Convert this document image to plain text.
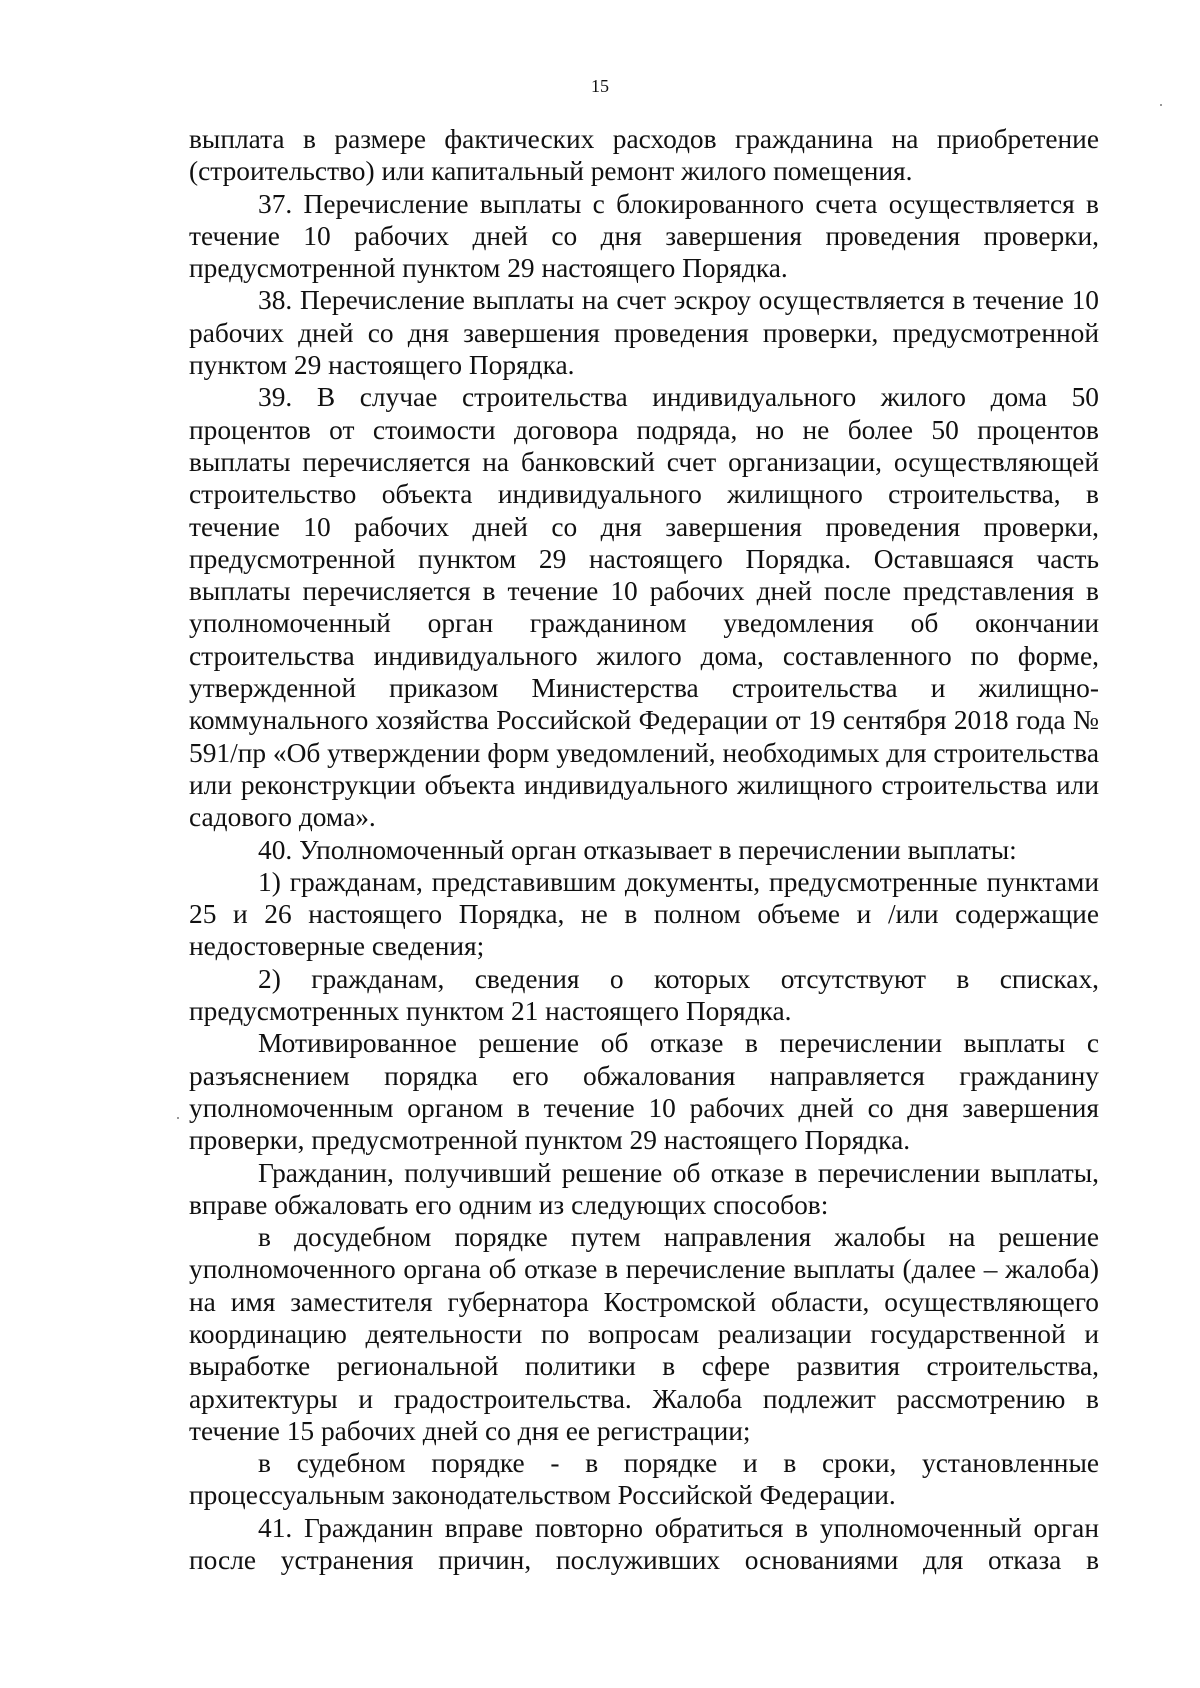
15

выплата в размере фактических расходов гражданина на приобретение (строительство) или капитальный ремонт жилого помещения.

37. Перечисление выплаты с блокированного счета осуществляется в течение 10 рабочих дней со дня завершения проведения проверки, предусмотренной пунктом 29 настоящего Порядка.

38. Перечисление выплаты на счет эскроу осуществляется в течение 10 рабочих дней со дня завершения проведения проверки, предусмотренной пунктом 29 настоящего Порядка.

39. В случае строительства индивидуального жилого дома 50 процентов от стоимости договора подряда, но не более 50 процентов выплаты перечисляется на банковский счет организации, осуществляющей строительство объекта индивидуального жилищного строительства, в течение 10 рабочих дней со дня завершения проведения проверки, предусмотренной пунктом 29 настоящего Порядка. Оставшаяся часть выплаты перечисляется в течение 10 рабочих дней после представления в уполномоченный орган гражданином уведомления об окончании строительства индивидуального жилого дома, составленного по форме, утвержденной приказом Министерства строительства и жилищно-коммунального хозяйства Российской Федерации от 19 сентября 2018 года № 591/пр «Об утверждении форм уведомлений, необходимых для строительства или реконструкции объекта индивидуального жилищного строительства или садового дома».

40. Уполномоченный орган отказывает в перечислении выплаты:

1) гражданам, представившим документы, предусмотренные пунктами 25 и 26 настоящего Порядка, не в полном объеме и /или содержащие недостоверные сведения;

2) гражданам, сведения о которых отсутствуют в списках, предусмотренных пунктом 21 настоящего Порядка.

Мотивированное решение об отказе в перечислении выплаты с разъяснением порядка его обжалования направляется гражданину уполномоченным органом в течение 10 рабочих дней со дня завершения проверки, предусмотренной пунктом 29 настоящего Порядка.

Гражданин, получивший решение об отказе в перечислении выплаты, вправе обжаловать его одним из следующих способов:

в досудебном порядке путем направления жалобы на решение уполномоченного органа об отказе в перечисление выплаты (далее – жалоба) на имя заместителя губернатора Костромской области, осуществляющего координацию деятельности по вопросам реализации государственной и выработке региональной политики в сфере развития строительства, архитектуры и градостроительства. Жалоба подлежит рассмотрению в течение 15 рабочих дней со дня ее регистрации;

в судебном порядке - в порядке и в сроки, установленные процессуальным законодательством Российской Федерации.

41. Гражданин вправе повторно обратиться в уполномоченный орган после устранения причин, послуживших основаниями для отказа в
